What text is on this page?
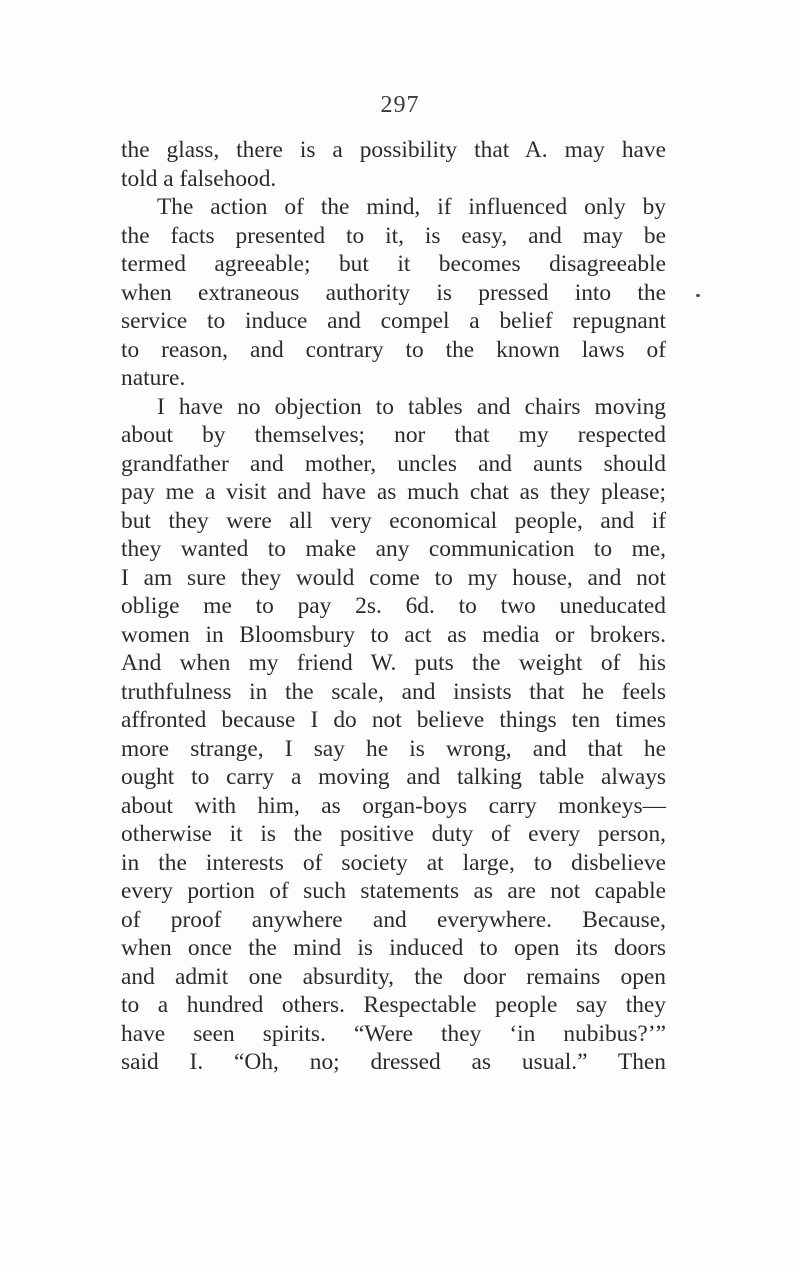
297
the glass, there is a possibility that A. may have
told a falsehood.
The action of the mind, if influenced only by
the facts presented to it, is easy, and may be
termed agreeable; but it becomes disagreeable
when extraneous authority is pressed into the
service to induce and compel a belief repugnant
to reason, and contrary to the known laws of
nature.
I have no objection to tables and chairs moving
about by themselves; nor that my respected
grandfather and mother, uncles and aunts should
pay me a visit and have as much chat as they please;
but they were all very economical people, and if
they wanted to make any communication to me,
I am sure they would come to my house, and not
oblige me to pay 2s. 6d. to two uneducated
women in Bloomsbury to act as media or brokers.
And when my friend W. puts the weight of his
truthfulness in the scale, and insists that he feels
affronted because I do not believe things ten times
more strange, I say he is wrong, and that he
ought to carry a moving and talking table always
about with him, as organ-boys carry monkeys—
otherwise it is the positive duty of every person,
in the interests of society at large, to disbelieve
every portion of such statements as are not capable
of proof anywhere and everywhere. Because,
when once the mind is induced to open its doors
and admit one absurdity, the door remains open
to a hundred others. Respectable people say they
have seen spirits. “Were they ‘in nubibus?’”
said I. “Oh, no; dressed as usual.” Then
